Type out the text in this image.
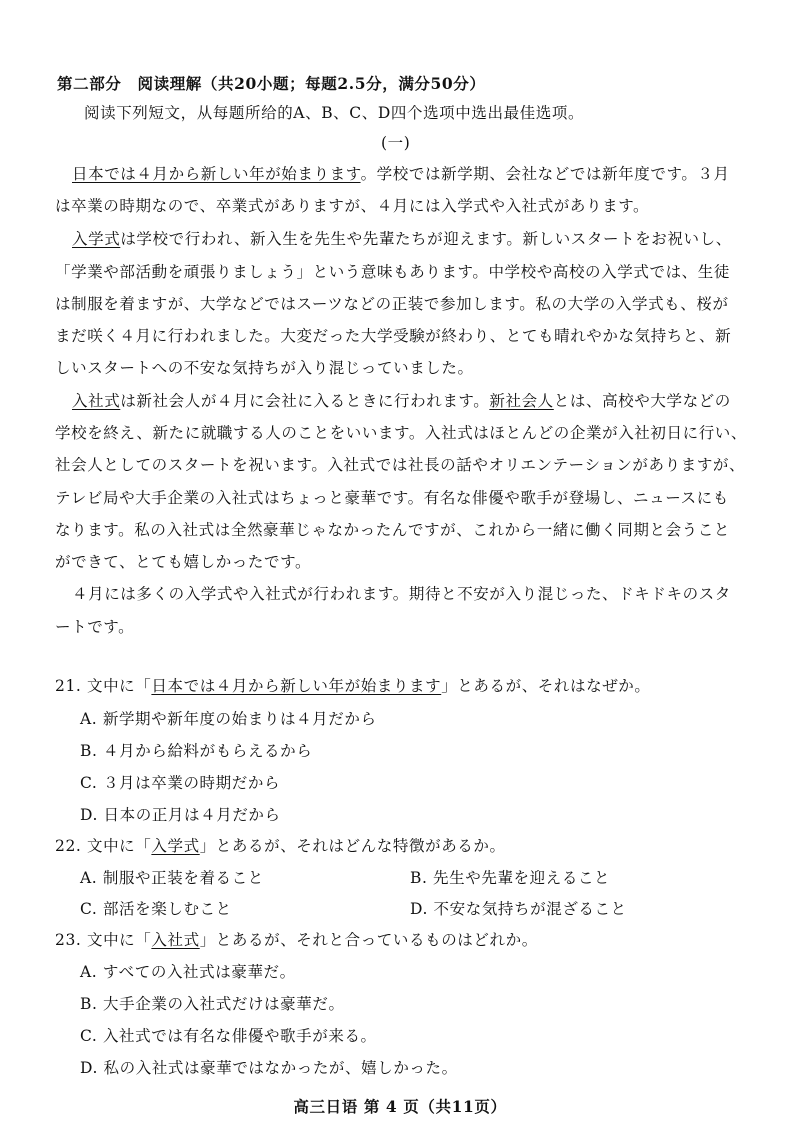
第二部分　阅读理解（共20小题；每题2.5分，满分50分）
阅读下列短文，从每题所给的A、B、C、D四个选项中选出最佳选项。
(一)
日本では４月から新しい年が始まります。学校では新学期、会社などでは新年度です。３月
は卒業の時期なので、卒業式がありますが、４月には入学式や入社式があります。
入学式は学校で行われ、新入生を先生や先輩たちが迎えます。新しいスタートをお祝いし、
「学業や部活動を頑張りましょう」という意味もあります。中学校や高校の入学式では、生徒
は制服を着ますが、大学などではスーツなどの正装で参加します。私の大学の入学式も、桜が
まだ咲く４月に行われました。大変だった大学受験が終わり、とても晴れやかな気持ちと、新
しいスタートへの不安な気持ちが入り混じっていました。
入社式は新社会人が４月に会社に入るときに行われます。新社会人とは、高校や大学などの
学校を終え、新たに就職する人のことをいいます。入社式はほとんどの企業が入社初日に行い、
社会人としてのスタートを祝います。入社式では社長の話やオリエンテーションがありますが、
テレビ局や大手企業の入社式はちょっと豪華です。有名な俳優や歌手が登場し、ニュースにも
なります。私の入社式は全然豪華じゃなかったんですが、これから一緒に働く同期と会うこと
ができて、とても嬉しかったです。
４月には多くの入学式や入社式が行われます。期待と不安が入り混じった、ドキドキのスタ
ートです。
21. 文中に「日本では４月から新しい年が始まります」とあるが、それはなぜか。
A. 新学期や新年度の始まりは４月だから
B. ４月から給料がもらえるから
C. ３月は卒業の時期だから
D. 日本の正月は４月だから
22. 文中に「入学式」とあるが、それはどんな特徴があるか。
A. 制服や正装を着ること	B. 先生や先輩を迎えること
C. 部活を楽しむこと	D. 不安な気持ちが混ざること
23. 文中に「入社式」とあるが、それと合っているものはどれか。
A. すべての入社式は豪華だ。
B. 大手企業の入社式だけは豪華だ。
C. 入社式では有名な俳優や歌手が来る。
D. 私の入社式は豪華ではなかったが、嬉しかった。
高三日语 第 4 页（共11页）
